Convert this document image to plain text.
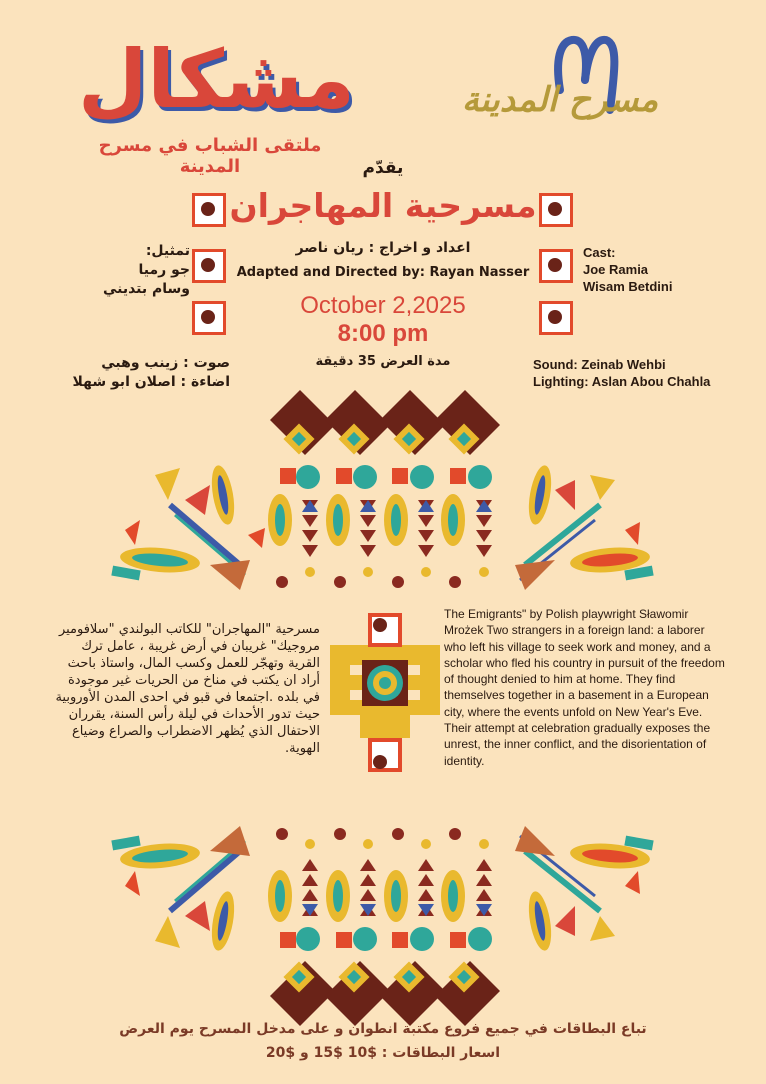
مشكال
ملتقى الشباب في مسرح المدينة
مسرح المدينة
يقدّم
مسرحية المهاجران
اعداد و اخراج : ريان ناصر
Adapted and Directed by: Rayan Nasser
October 2,2025
8:00 pm
مدة العرض 35 دقيقة
تمثيل:
جو رميا
وسام بتديني
Cast:
Joe Ramia
Wisam Betdini
صوت : زينب وهبي
اضاءة : اصلان ابو شهلا
Sound: Zeinab Wehbi
Lighting: Aslan Abou Chahla
مسرحية "المهاجران" للكاتب البولندي "سلافومير مروجيك" غريبان في أرض غريبة ، عامل ترك القرية وتهجّر للعمل وكسب المال، واستاذ باحث أراد ان يكتب في مناخ من الحريات غير موجودة في بلده .اجتمعا في قبو في احدى المدن الأوروبية حيث تدور الأحداث في ليلة رأس السنة، يقرران الاحتفال الذي يُظهر الاضطراب والصراع وضياع الهوية.
The Emigrants" by Polish playwright Sławomir Mrożek Two strangers in a foreign land: a laborer who left his village to seek work and money, and a scholar who fled his country in pursuit of the freedom of thought denied to him at home. They find themselves together in a basement in a European city, where the events unfold on New Year's Eve. Their attempt at celebration gradually exposes the unrest, the inner conflict, and the disorientation of identity.
تباع البطاقات في جميع فروع مكتبة انطوان و على مدخل المسرح يوم العرض
اسعار البطاقات : $10 $15 و $20
